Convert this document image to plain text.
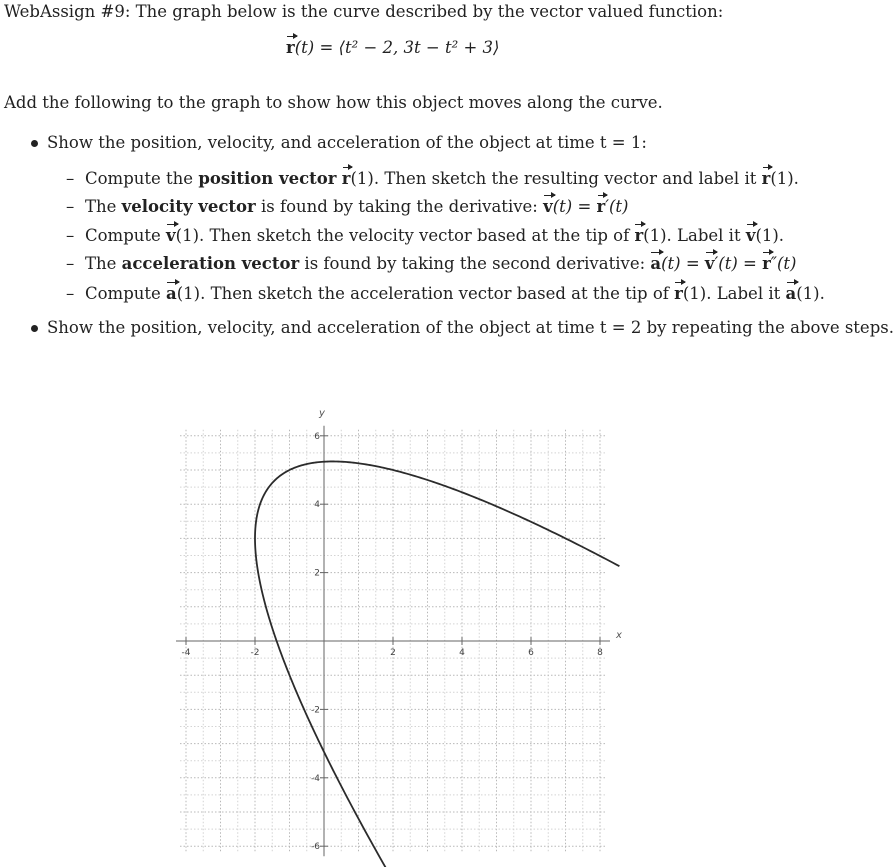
WebAssign #9: The graph below is the curve described by the vector valued function:
r(t) = ⟨t² − 2, 3t − t² + 3⟩
Add the following to the graph to show how this object moves along the curve.
Show the position, velocity, and acceleration of the object at time t = 1:
– Compute the position vector r(1). Then sketch the resulting vector and label it r(1).
– The velocity vector is found by taking the derivative: v(t) = r′(t)
– Compute v(1). Then sketch the velocity vector based at the tip of r(1). Label it v(1).
– The acceleration vector is found by taking the second derivative: a(t) = v′(t) = r″(t)
– Compute a(1). Then sketch the acceleration vector based at the tip of r(1). Label it a(1).
Show the position, velocity, and acceleration of the object at time t = 2 by repeating the above steps.
-4	-2	2	4	6	8
6
4
2
-2
-4
-6
x
y
